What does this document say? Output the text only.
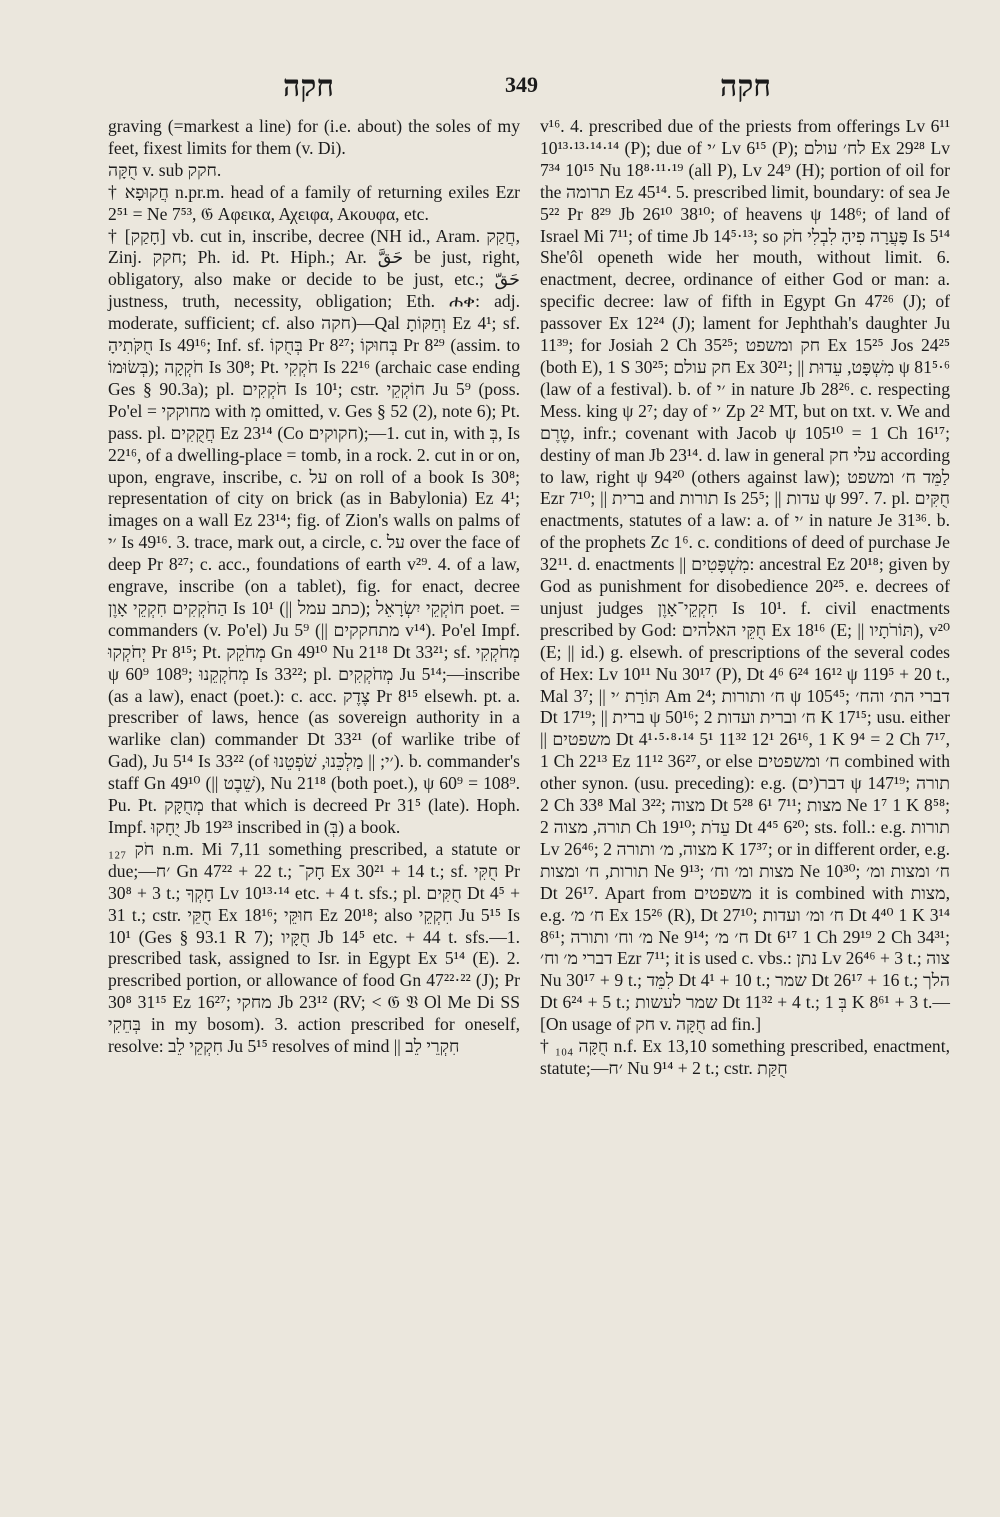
חקה	349	חקה

graving (=markest a line) for (i.e. about) the soles of my feet, fixest limits for them (v. Di).

חֻקָּה v. sub חקק.

† חֲקוּפָא n.pr.m. head of a family of returning exiles Ezr 2⁵¹ = Ne 7⁵³, 𝔊 Αφεικα, Αχειφα, Ακουφα, etc.

† [חָקַק] vb. cut in, inscribe, decree (NH id., Aram. חֲקַק, Zinj. חקק; Ph. id. Pt. Hiph.; Ar. حَقَّ be just, right, obligatory, also make or decide to be just, etc.; حَقّ justness, truth, necessity, obligation; Eth. ሐቀ: adj. moderate, sufficient; cf. also חקה)—Qal וְחַקּוֹתָ Ez 4¹; sf. חֻקֹּתִיהָ Is 49¹⁶; Inf. sf. בְּחֻקוֹ Pr 8²⁷; בְּחוּקוֹ Pr 8²⁹ (assim. to בְּשׂוּמוֹ); חֹקְקָה Is 30⁸; Pt. חֹקְקִי Is 22¹⁶ (archaic case ending Ges § 90.3a); pl. חֹקְקִים Is 10¹; cstr. חוֹקְקֵי Ju 5⁹ (poss. Po'el = מחוקקי with מְ omitted, v. Ges § 52 (2), note 6); Pt. pass. pl. חֲקֻקִים Ez 23¹⁴ (Co חקוקים);—1. cut in, with בְּ, Is 22¹⁶, of a dwelling-place = tomb, in a rock. 2. cut in or on, upon, engrave, inscribe, c. על on roll of a book Is 30⁸; representation of city on brick (as in Babylonia) Ez 4¹; images on a wall Ez 23¹⁴; fig. of Zion's walls on palms of ׳י Is 49¹⁶. 3. trace, mark out, a circle, c. על over the face of deep Pr 8²⁷; c. acc., foundations of earth v²⁹. 4. of a law, engrave, inscribe (on a tablet), fig. for enact, decree הַחֹקְקִים חִקְקֵי אָוֶן Is 10¹ (|| כתב עמל); חוֹקְקֵי יִשְׂרָאֵל poet. = commanders (v. Po'el) Ju 5⁹ (|| מתחקקים v¹⁴). Po'el Impf. יְחֹקְקוּ Pr 8¹⁵; Pt. מְחֹקֵק Gn 49¹⁰ Nu 21¹⁸ Dt 33²¹; sf. מְחֹקְקִי ψ 60⁹ 108⁹; מְחֹקְקֵנוּ Is 33²²; pl. מְחֹקְקִים Ju 5¹⁴;—inscribe (as a law), enact (poet.): c. acc. צֶדֶק Pr 8¹⁵ elsewh. pt. a. prescriber of laws, hence (as sovereign authority in a warlike clan) commander Dt 33²¹ (of warlike tribe of Gad), Ju 5¹⁴ Is 33²² (of ׳י; || מַלְכֵּנוּ, שֹׁפְטֵנוּ). b. commander's staff Gn 49¹⁰ (|| שֵׁבֶט), Nu 21¹⁸ (both poet.), ψ 60⁹ = 108⁹. Pu. Pt. מְחֻקָּק that which is decreed Pr 31⁵ (late). Hoph. Impf. יֻחָקוּ Jb 19²³ inscribed in (בְּ) a book.

חֹק ₁₂₇ n.m. Mi 7,11 something prescribed, a statute or due;—׳ח Gn 47²² + 22 t.; חָק־ Ex 30²¹ + 14 t.; sf. חֻקִּי Pr 30⁸ + 3 t.; חָקְךָ Lv 10¹³·¹⁴ etc. + 4 t. sfs.; pl. חֻקִּים Dt 4⁵ + 31 t.; cstr. חֻקֵּי Ex 18¹⁶; חוּקֵּי Ez 20¹⁸; also חִקְקֵי Ju 5¹⁵ Is 10¹ (Ges § 93.1 R 7); חֻקָּיו Jb 14⁵ etc. + 44 t. sfs.—1. prescribed task, assigned to Isr. in Egypt Ex 5¹⁴ (E). 2. prescribed portion, or allowance of food Gn 47²²·²² (J); Pr 30⁸ 31¹⁵ Ez 16²⁷; מחקי Jb 23¹² (RV; < 𝔊 𝔙 Ol Me Di SS בְּחֵקִי in my bosom). 3. action prescribed for oneself, resolve: חִקְקֵי לֵב Ju 5¹⁵ resolves of mind || חִקְרֵי לֵב

v¹⁶. 4. prescribed due of the priests from offerings Lv 6¹¹ 10¹³·¹³·¹⁴·¹⁴ (P); due of ׳י Lv 6¹⁵ (P); לח׳ עולם Ex 29²⁸ Lv 7³⁴ 10¹⁵ Nu 18⁸·¹¹·¹⁹ (all P), Lv 24⁹ (H); portion of oil for the תרומה Ez 45¹⁴. 5. prescribed limit, boundary: of sea Je 5²² Pr 8²⁹ Jb 26¹⁰ 38¹⁰; of heavens ψ 148⁶; of land of Israel Mi 7¹¹; of time Jb 14⁵·¹³; so פָּעֲרָה פִיהָ לִבְלִי חֹק Is 5¹⁴ She'ôl openeth wide her mouth, without limit. 6. enactment, decree, ordinance of either God or man: a. specific decree: law of fifth in Egypt Gn 47²⁶ (J); of passover Ex 12²⁴ (J); lament for Jephthah's daughter Ju 11³⁹; for Josiah 2 Ch 35²⁵; חק ומשפט Ex 15²⁵ Jos 24²⁵ (both E), 1 S 30²⁵; חק עולם Ex 30²¹; || מִשְׁפָּט, עֵדוּת ψ 81⁵·⁶ (law of a festival). b. of ׳י in nature Jb 28²⁶. c. respecting Mess. king ψ 2⁷; day of ׳י Zp 2² MT, but on txt. v. We and טֶרֶם, infr.; covenant with Jacob ψ 105¹⁰ = 1 Ch 16¹⁷; destiny of man Jb 23¹⁴. d. law in general עלי חק according to law, right ψ 94²⁰ (others against law); לַמֵּד ח׳ ומשפט Ezr 7¹⁰; || ברית and תורות Is 25⁵; || עדות ψ 99⁷. 7. pl. חֻקִּים enactments, statutes of a law: a. of ׳י in nature Je 31³⁶. b. of the prophets Zc 1⁶. c. conditions of deed of purchase Je 32¹¹. d. enactments || מִשְׁפָּטִים: ancestral Ez 20¹⁸; given by God as punishment for disobedience 20²⁵. e. decrees of unjust judges חִקְקֵי־אָוֶן Is 10¹. f. civil enactments prescribed by God: חֻקֵּי האלהים Ex 18¹⁶ (E; || תּוֹרֹתָיו), v²⁰ (E; || id.) g. elsewh. of prescriptions of the several codes of Hex: Lv 10¹¹ Nu 30¹⁷ (P), Dt 4⁶ 6²⁴ 16¹² ψ 119⁵ + 20 t., Mal 3⁷; || תּוֹרַת ׳י Am 2⁴; ח׳ ותורות ψ 105⁴⁵; דברי הת׳ והח׳ Dt 17¹⁹; || ברית ψ 50¹⁶; ח׳ וברית ועדות 2 K 17¹⁵; usu. either || משפטים Dt 4¹·⁵·⁸·¹⁴ 5¹ 11³² 12¹ 26¹⁶, 1 K 9⁴ = 2 Ch 7¹⁷, 1 Ch 22¹³ Ez 11¹² 36²⁷, or else ח׳ ומשפטים combined with other synon. (usu. preceding): e.g. דבר(ים) ψ 147¹⁹; תורה 2 Ch 33⁸ Mal 3²²; מצוה Dt 5²⁸ 6¹ 7¹¹; מצות Ne 1⁷ 1 K 8⁵⁸; תורה, מצוה 2 Ch 19¹⁰; עֵדֹת Dt 4⁴⁵ 6²⁰; sts. foll.: e.g. תורות Lv 26⁴⁶; מצוה, מ׳ ותורה 2 K 17³⁷; or in different order, e.g. תורות, ח׳ ומצות Ne 9¹³; מצות ומ׳ וח׳ Ne 10³⁰; ח׳ ומצות ומ׳ Dt 26¹⁷. Apart from משפטים it is combined with מצות, e.g. ח׳ מ׳ Ex 15²⁶ (R), Dt 27¹⁰; ח׳ ומ׳ ועדות Dt 4⁴⁰ 1 K 3¹⁴ 8⁶¹; מ׳ וח׳ ותורה Ne 9¹⁴; ח׳ מ׳ Dt 6¹⁷ 1 Ch 29¹⁹ 2 Ch 34³¹; דברי מ׳ וח׳ Ezr 7¹¹; it is used c. vbs.: נתן Lv 26⁴⁶ + 3 t.; צוה Nu 30¹⁷ + 9 t.; לִמֵּד Dt 4¹ + 10 t.; שמר Dt 26¹⁷ + 16 t.; הלך Dt 6²⁴ + 5 t.; שמר לעשות Dt 11³² + 4 t.; בְּ 1 K 8⁶¹ + 3 t.—[On usage of חק v. חֻקָּה ad fin.]

† חֻקָּה ₁₀₄ n.f. Ex 13,10 something prescribed, enactment, statute;—׳ח Nu 9¹⁴ + 2 t.; cstr. חֻקַּת
